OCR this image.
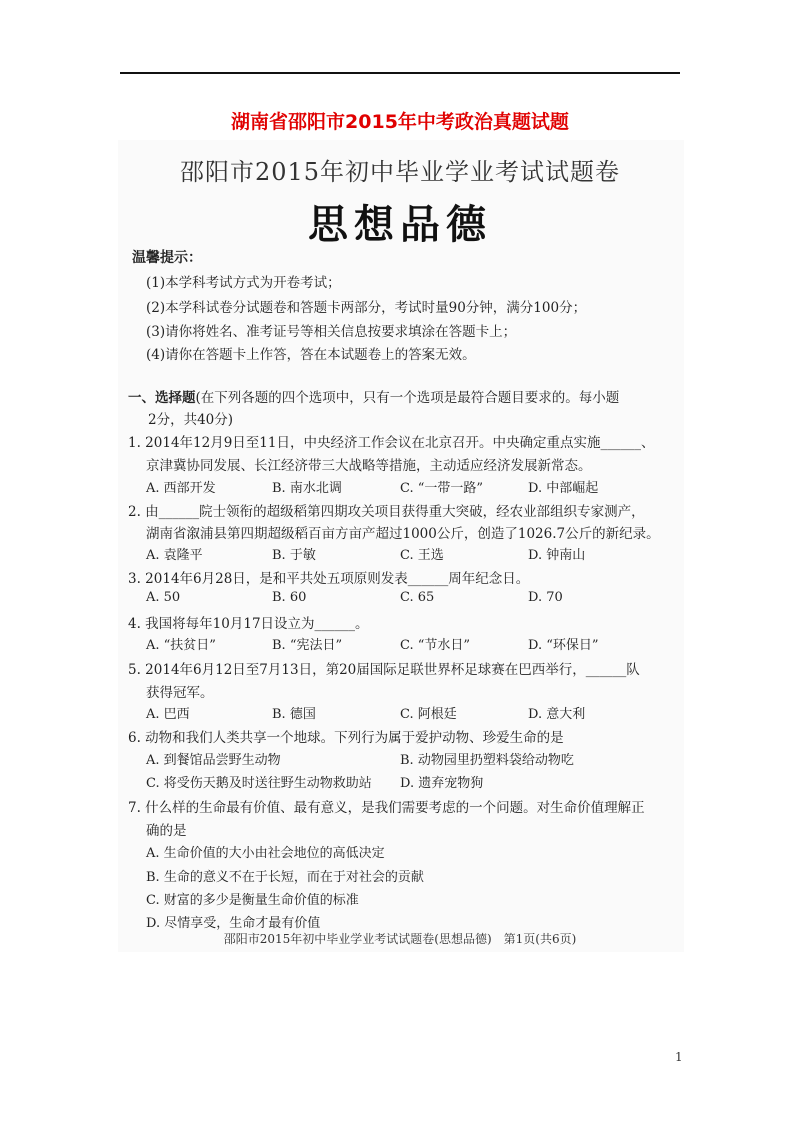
湖南省邵阳市2015年中考政治真题试题
邵阳市2015年初中毕业学业考试试题卷
思想品德
温馨提示：
(1)本学科考试方式为开卷考试；
(2)本学科试卷分试题卷和答题卡两部分，考试时量90分钟，满分100分；
(3)请你将姓名、准考证号等相关信息按要求填涂在答题卡上；
(4)请你在答题卡上作答，答在本试题卷上的答案无效。
一、选择题(在下列各题的四个选项中，只有一个选项是最符合题目要求的。每小题
2分，共40分)
1. 2014年12月9日至11日，中央经济工作会议在北京召开。中央确定重点实施______、
京津冀协同发展、长江经济带三大战略等措施，主动适应经济发展新常态。
A. 西部开发	B. 南水北调	C. “一带一路”	D. 中部崛起
2. 由______院士领衔的超级稻第四期攻关项目获得重大突破，经农业部组织专家测产，
湖南省溆浦县第四期超级稻百亩方亩产超过1000公斤，创造了1026.7公斤的新纪录。
A. 袁隆平	B. 于敏	C. 王选	D. 钟南山
3. 2014年6月28日，是和平共处五项原则发表______周年纪念日。
A. 50	B. 60	C. 65	D. 70
4. 我国将每年10月17日设立为______。
A. “扶贫日”	B. “宪法日”	C. “节水日”	D. “环保日”
5. 2014年6月12日至7月13日，第20届国际足联世界杯足球赛在巴西举行，______队
获得冠军。
A. 巴西	B. 德国	C. 阿根廷	D. 意大利
6. 动物和我们人类共享一个地球。下列行为属于爱护动物、珍爱生命的是
A. 到餐馆品尝野生动物	B. 动物园里扔塑料袋给动物吃
C. 将受伤天鹅及时送往野生动物救助站 D. 遗弃宠物狗
7. 什么样的生命最有价值、最有意义，是我们需要考虑的一个问题。对生命价值理解正
确的是
A. 生命价值的大小由社会地位的高低决定
B. 生命的意义不在于长短，而在于对社会的贡献
C. 财富的多少是衡量生命价值的标准
D. 尽情享受，生命才最有价值
邵阳市2015年初中毕业学业考试试题卷(思想品德)　第1页(共6页)
1
